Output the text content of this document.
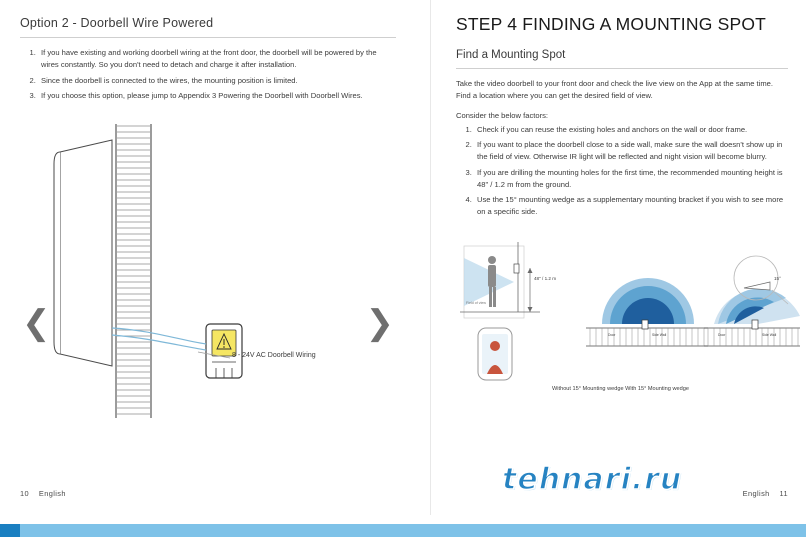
Option 2 - Doorbell Wire Powered
1. If you have existing and working doorbell wiring at the front door, the doorbell will be powered by the wires constantly. So you don't need to detach and charge it after installation.
2. Since the doorbell is connected to the wires, the mounting position is limited.
3. If you choose this option, please jump to Appendix 3 Powering the Doorbell with Doorbell Wires.
❮	❯
8 - 24V AC Doorbell Wiring
10 English
STEP 4 FINDING A MOUNTING SPOT
Find a Mounting Spot

Take the video doorbell to your front door and check the live view on the App at the same time. Find a location where you can get the desired field of view.

Consider the below factors:

1. Check if you can reuse the existing holes and anchors on the wall or door frame.
2. If you want to place the doorbell close to a side wall, make sure the wall doesn't show up in the field of view. Otherwise IR light will be reflected and night vision will become blurry.
3. If you are drilling the mounting holes for the first time, the recommended mounting height is 48" / 1.2 m from the ground.
4. Use the 15° mounting wedge as a supplementary mounting bracket if you wish to see more on a specific side.
48" / 1.2 m
Field of view
Door	Side Wall	Door	Side Wall
15°
Without 15° Mounting wedge With 15° Mounting wedge
English 11
tehnari.ru
